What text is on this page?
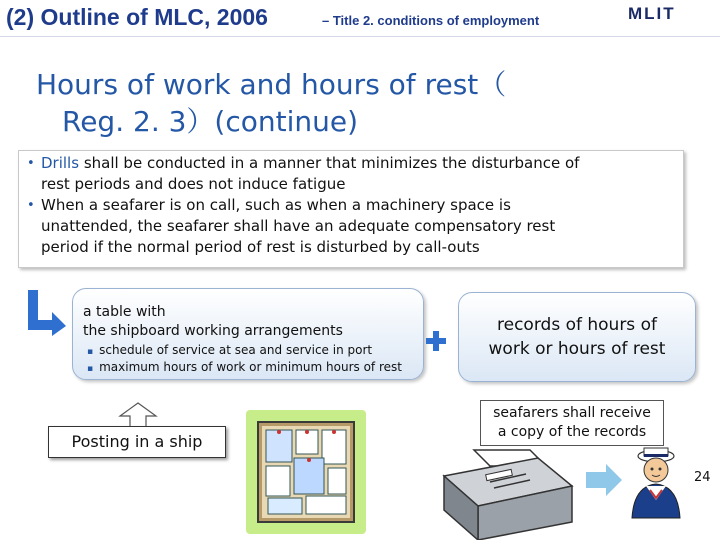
(2) Outline of MLC, 2006	– Title 2. conditions of employment	MLIT
Hours of work and hours of rest（
Reg. 2. 3）(continue)
• Drills shall be conducted in a manner that minimizes the disturbance of
rest periods and does not induce fatigue
• When a seafarer is on call, such as when a machinery space is
unattended, the seafarer shall have an adequate compensatory rest
period if the normal period of rest is disturbed by call-outs
a table with
the shipboard working arrangements
▪ schedule of service at sea and service in port
▪ maximum hours of work or minimum hours of rest
records of hours of
work or hours of rest
Posting in a ship
seafarers shall receive
a copy of the records
24
